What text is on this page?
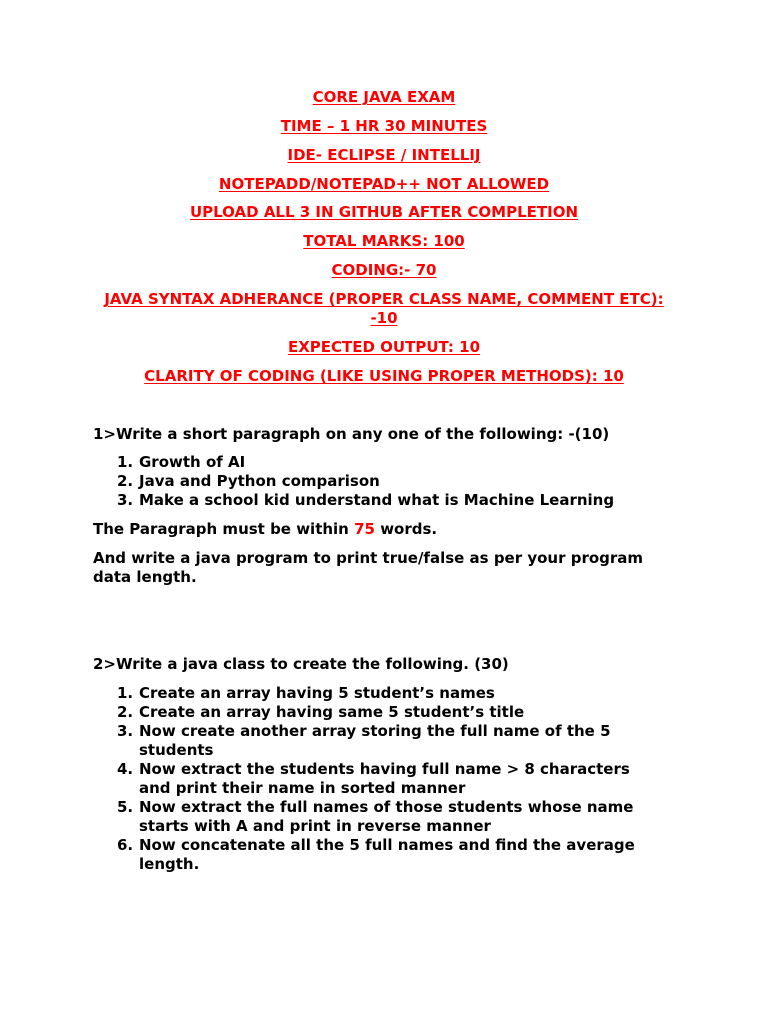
CORE JAVA EXAM
TIME – 1 HR 30 MINUTES
IDE- ECLIPSE / INTELLIJ
NOTEPADD/NOTEPAD++ NOT ALLOWED
UPLOAD ALL 3 IN GITHUB AFTER COMPLETION
TOTAL MARKS: 100
CODING:- 70
JAVA SYNTAX ADHERANCE (PROPER CLASS NAME, COMMENT ETC): -10
EXPECTED OUTPUT: 10
CLARITY OF CODING (LIKE USING PROPER METHODS): 10
1>Write a short paragraph on any one of the following: -(10)
1. Growth of AI
2. Java and Python comparison
3. Make a school kid understand what is Machine Learning
The Paragraph must be within 75 words.
And write a java program to print true/false as per your program data length.
2>Write a java class to create the following. (30)
1. Create an array having 5 student’s names
2. Create an array having same 5 student’s title
3. Now create another array storing the full name of the 5 students
4. Now extract the students having full name > 8 characters and print their name in sorted manner
5. Now extract the full names of those students whose name starts with A and print in reverse manner
6. Now concatenate all the 5 full names and find the average length.
